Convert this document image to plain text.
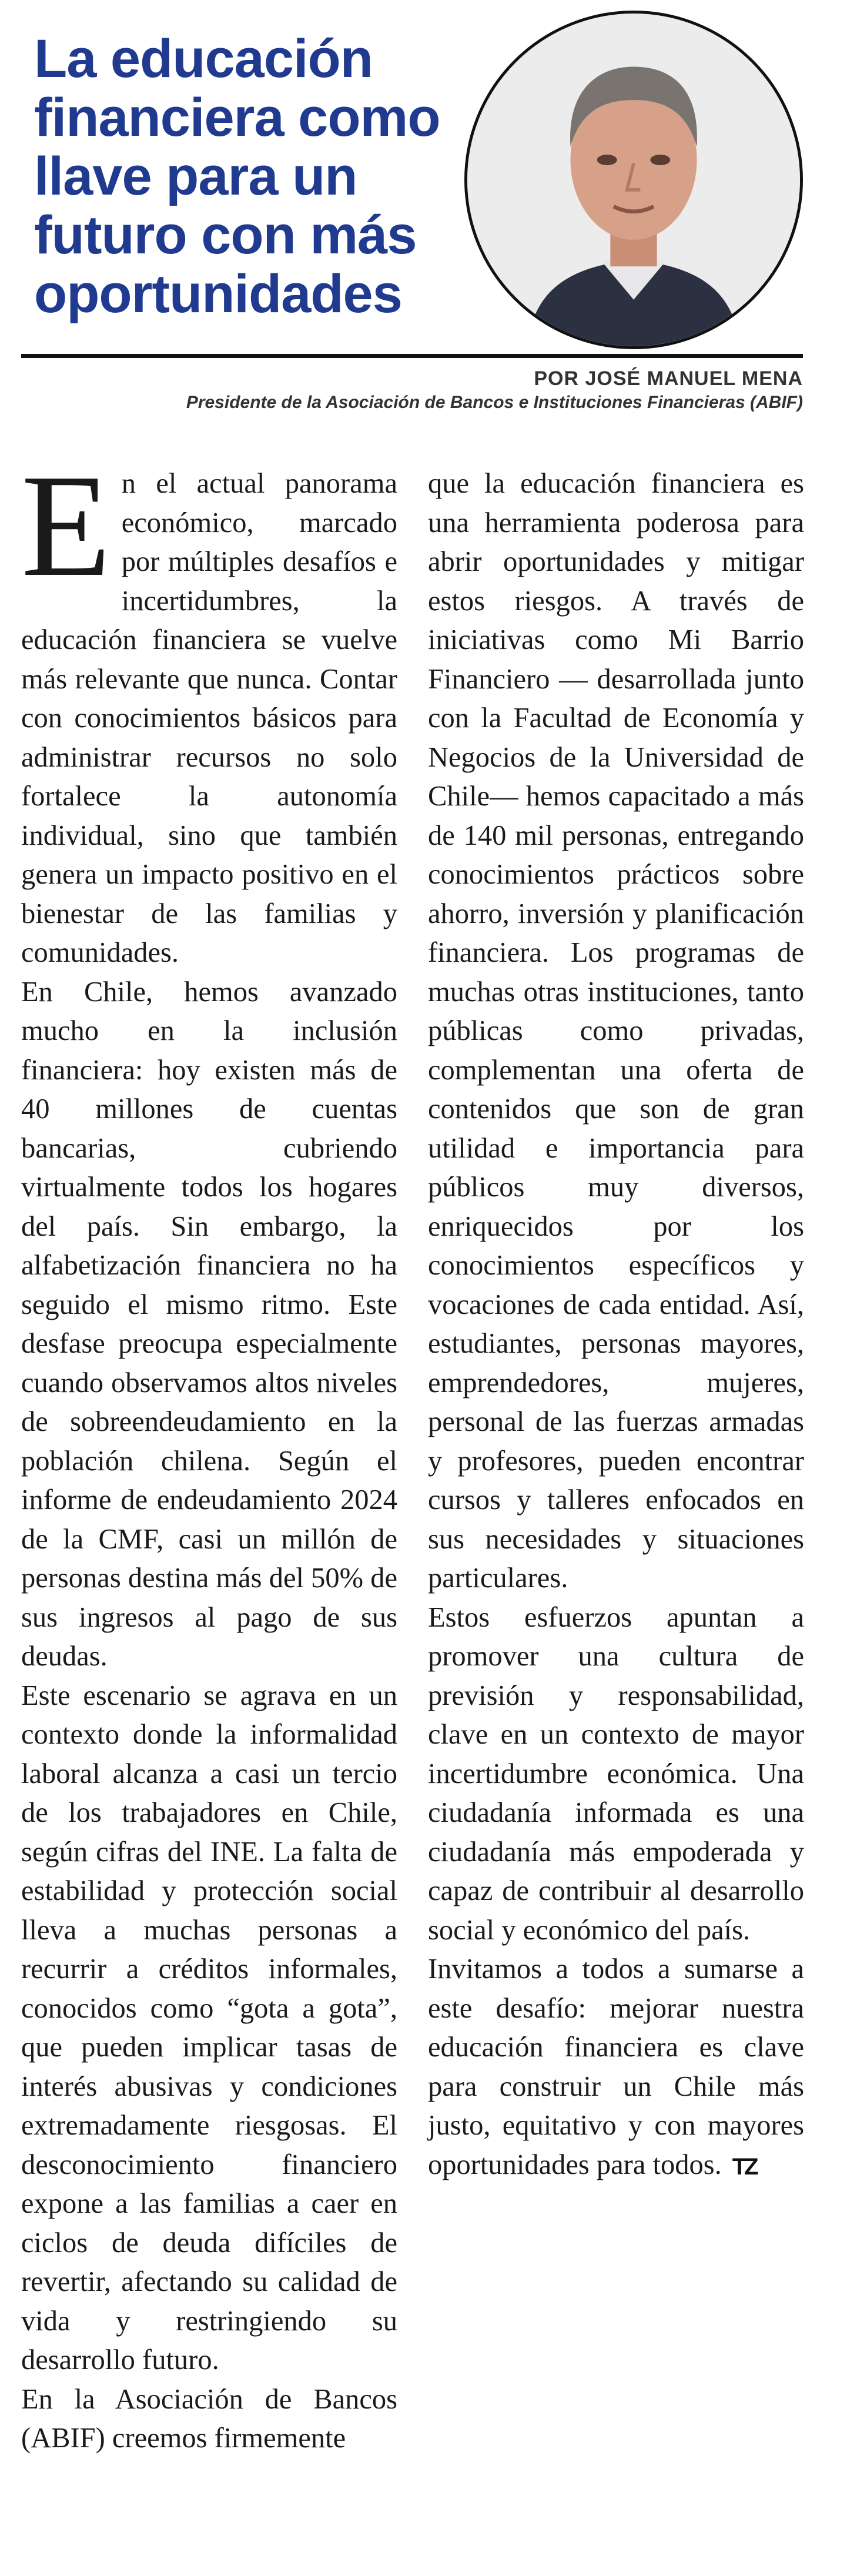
La educación financiera como llave para un futuro con más oportunidades
POR JOSÉ MANUEL MENA
Presidente de la Asociación de Bancos e Instituciones Financieras (ABIF)

En el actual panorama económico, marcado por múltiples desafíos e incertidumbres, la educación financiera se vuelve más relevante que nunca. Contar con conocimientos básicos para administrar recursos no solo fortalece la autonomía individual, sino que también genera un impacto positivo en el bienestar de las familias y comunidades.

En Chile, hemos avanzado mucho en la inclusión financiera: hoy existen más de 40 millones de cuentas bancarias, cubriendo virtualmente todos los hogares del país. Sin embargo, la alfabetización financiera no ha seguido el mismo ritmo. Este desfase preocupa especialmente cuando observamos altos niveles de sobreendeudamiento en la población chilena. Según el informe de endeudamiento 2024 de la CMF, casi un millón de personas destina más del 50% de sus ingresos al pago de sus deudas.

Este escenario se agrava en un contexto donde la informalidad laboral alcanza a casi un tercio de los trabajadores en Chile, según cifras del INE. La falta de estabilidad y protección social lleva a muchas personas a recurrir a créditos informales, conocidos como “gota a gota”, que pueden implicar tasas de interés abusivas y condiciones extremadamente riesgosas. El desconocimiento financiero expone a las familias a caer en ciclos de deuda difíciles de revertir, afectando su calidad de vida y restringiendo su desarrollo futuro.

En la Asociación de Bancos (ABIF) creemos firmemente

que la educación financiera es una herramienta poderosa para abrir oportunidades y mitigar estos riesgos. A través de iniciativas como Mi Barrio Financiero — desarrollada junto con la Facultad de Economía y Negocios de la Universidad de Chile— hemos capacitado a más de 140 mil personas, entregando conocimientos prácticos sobre ahorro, inversión y planificación financiera. Los programas de muchas otras instituciones, tanto públicas como privadas, complementan una oferta de contenidos que son de gran utilidad e importancia para públicos muy diversos, enriquecidos por los conocimientos específicos y vocaciones de cada entidad. Así, estudiantes, personas mayores, emprendedores, mujeres, personal de las fuerzas armadas y profesores, pueden encontrar cursos y talleres enfocados en sus necesidades y situaciones particulares.

Estos esfuerzos apuntan a promover una cultura de previsión y responsabilidad, clave en un contexto de mayor incertidumbre económica. Una ciudadanía informada es una ciudadanía más empoderada y capaz de contribuir al desarrollo social y económico del país.

Invitamos a todos a sumarse a este desafío: mejorar nuestra educación financiera es clave para construir un Chile más justo, equitativo y con mayores oportunidades para todos. TZ
